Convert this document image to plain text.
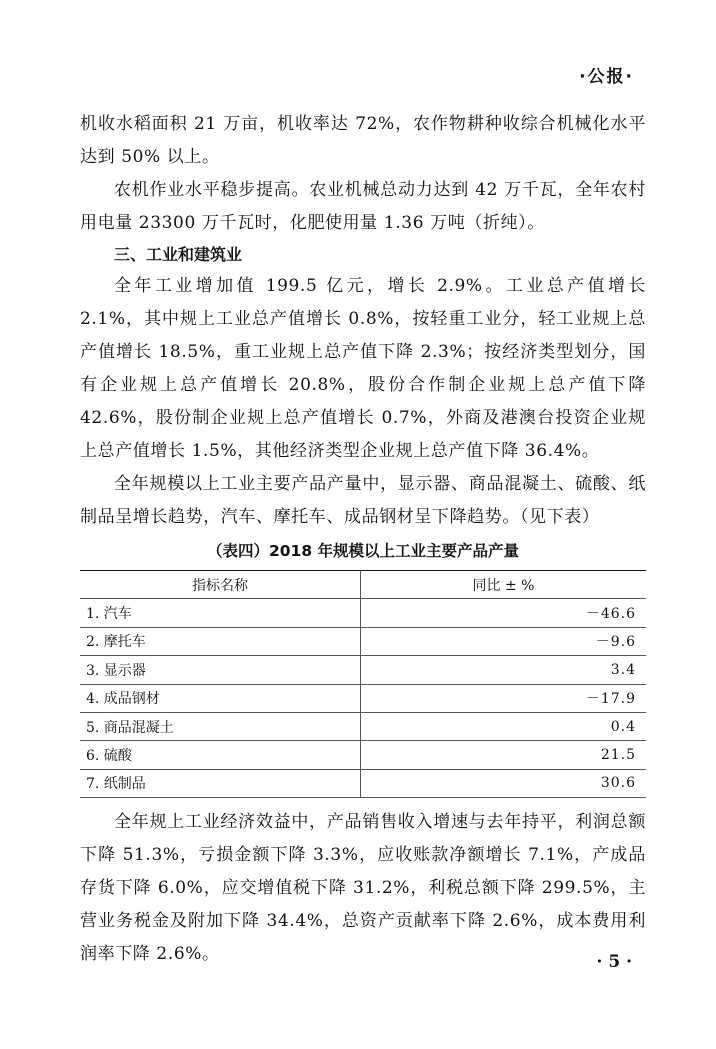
·公报·

机收水稻面积 21 万亩，机收率达 72%，农作物耕种收综合机械化水平达到 50% 以上。

农机作业水平稳步提高。农业机械总动力达到 42 万千瓦，全年农村用电量 23300 万千瓦时，化肥使用量 1.36 万吨（折纯）。

三、工业和建筑业

全年工业增加值 199.5 亿元，增长 2.9%。工业总产值增长 2.1%，其中规上工业总产值增长 0.8%，按轻重工业分，轻工业规上总产值增长 18.5%，重工业规上总产值下降 2.3%；按经济类型划分，国有企业规上总产值增长 20.8%，股份合作制企业规上总产值下降 42.6%，股份制企业规上总产值增长 0.7%，外商及港澳台投资企业规上总产值增长 1.5%，其他经济类型企业规上总产值下降 36.4%。

全年规模以上工业主要产品产量中，显示器、商品混凝土、硫酸、纸制品呈增长趋势，汽车、摩托车、成品钢材呈下降趋势。（见下表）

（表四）2018 年规模以上工业主要产品产量
指标名称	同比 ± %
1. 汽车	－46.6
2. 摩托车	－9.6
3. 显示器	3.4
4. 成品钢材	－17.9
5. 商品混凝土	0.4
6. 硫酸	21.5
7. 纸制品	30.6

全年规上工业经济效益中，产品销售收入增速与去年持平，利润总额下降 51.3%，亏损金额下降 3.3%，应收账款净额增长 7.1%，产成品存货下降 6.0%，应交增值税下降 31.2%，利税总额下降 299.5%，主营业务税金及附加下降 34.4%，总资产贡献率下降 2.6%，成本费用利润率下降 2.6%。	· 5 ·
